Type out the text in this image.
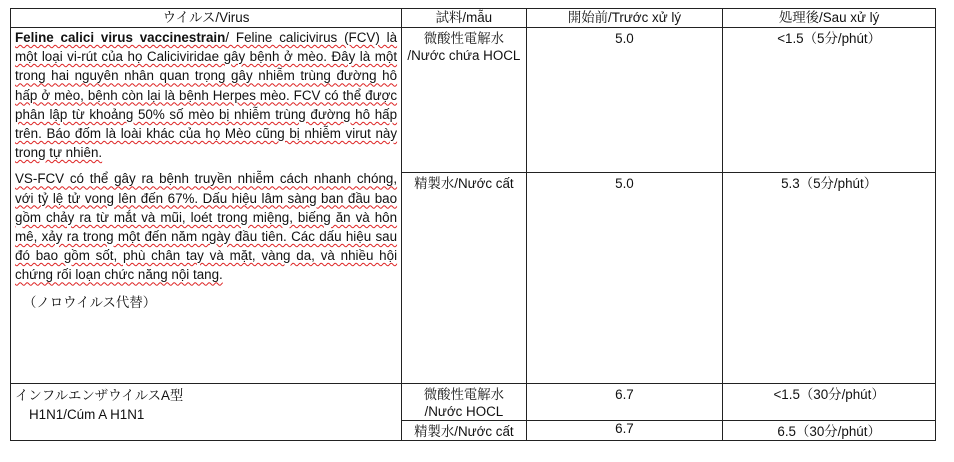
ウイルス/Virus	試料/mẫu	開始前/Trước xử lý	処理後/Sau xử lý

Feline calici virus vaccinestrain/ Feline calicivirus (FCV) là một loại vi-rút của họ Caliciviridae gây bệnh ở mèo. Đây là một trong hai nguyên nhân quan trọng gây nhiễm trùng đường hô hấp ở mèo, bệnh còn lại là bệnh Herpes mèo. FCV có thể được phân lập từ khoảng 50% số mèo bị nhiễm trùng đường hô hấp trên. Báo đốm là loài khác của họ Mèo cũng bị nhiễm virut này trong tự nhiên.

VS-FCV có thể gây ra bệnh truyền nhiễm cách nhanh chóng, với tỷ lệ tử vong lên đến 67%. Dấu hiệu lâm sàng ban đầu bao gồm chảy ra từ mắt và mũi, loét trong miệng, biếng ăn và hôn mê, xảy ra trong một đến năm ngày đầu tiên. Các dấu hiệu sau đó bao gồm sốt, phù chân tay và mặt, vàng da, và nhiều hội chứng rối loạn chức năng nội tang.

（ノロウイルス代替）	微酸性電解水 /Nước chứa HOCL	5.0	<1.5（5分/phút）
	精製水/Nước cất	5.0	5.3（5分/phút）

インフルエンザウイルスA型
H1N1/Cúm A H1N1	微酸性電解水 /Nước HOCL	6.7	<1.5（30分/phút）
	精製水/Nước cất	6.7	6.5（30分/phút）
